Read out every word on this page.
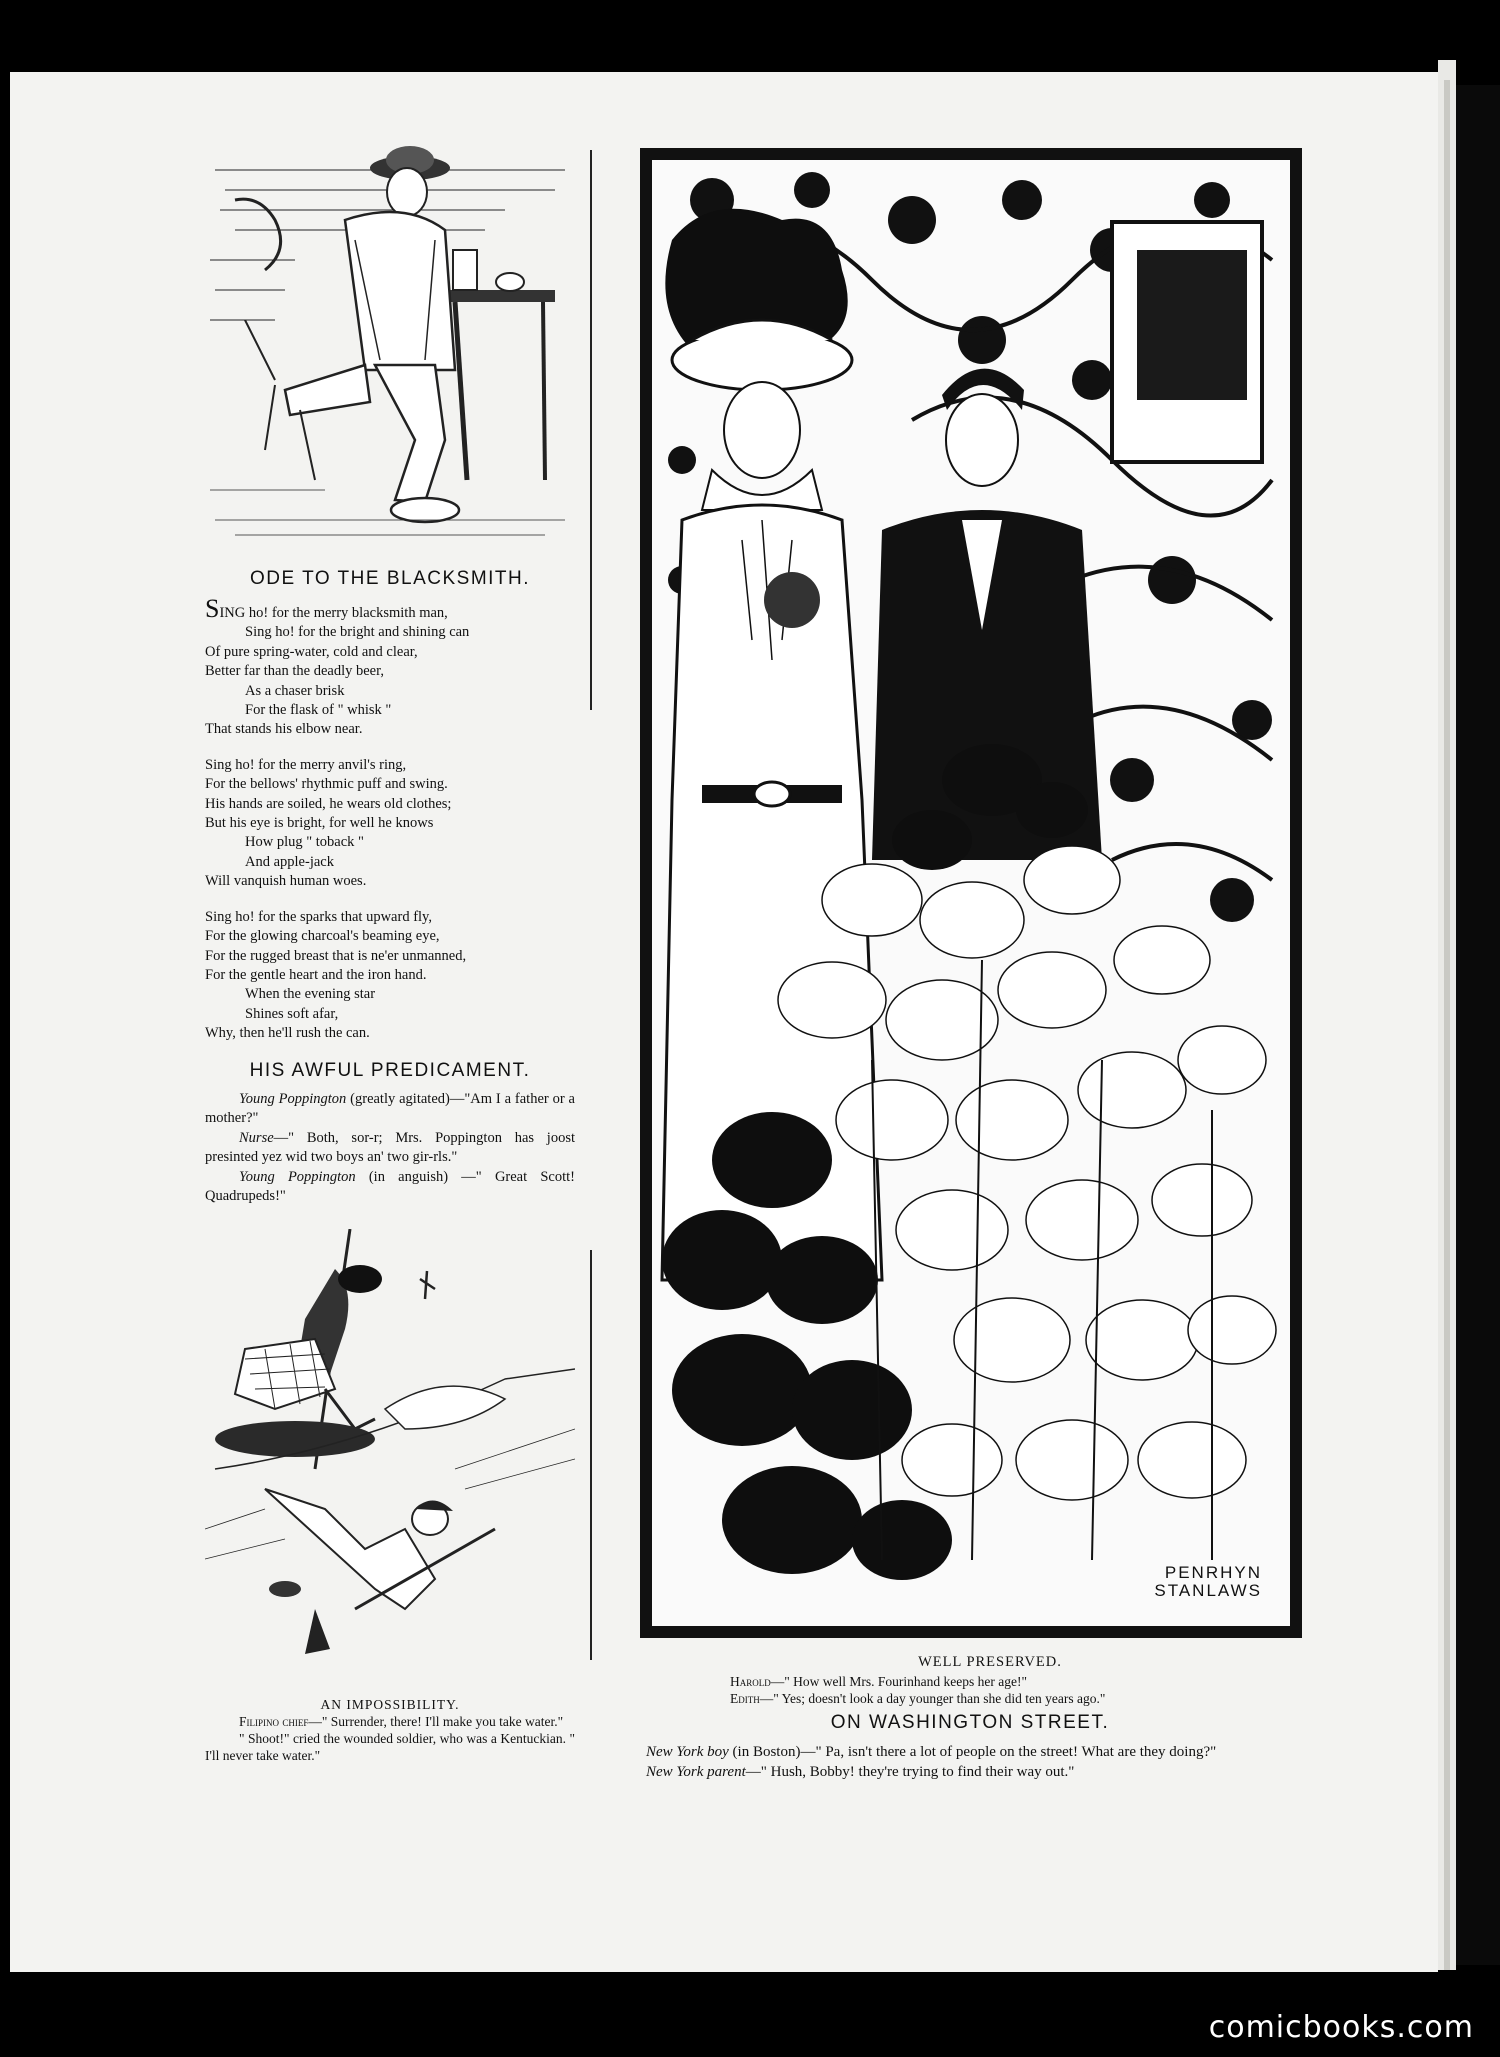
ODE TO THE BLACKSMITH.
SING ho! for the merry blacksmith man,
Sing ho! for the bright and shining can
Of pure spring-water, cold and clear,
Better far than the deadly beer,
As a chaser brisk
For the flask of " whisk "
That stands his elbow near.
Sing ho! for the merry anvil's ring,
For the bellows' rhythmic puff and swing.
His hands are soiled, he wears old clothes;
But his eye is bright, for well he knows
How plug " toback "
And apple-jack
Will vanquish human woes.
Sing ho! for the sparks that upward fly,
For the glowing charcoal's beaming eye,
For the rugged breast that is ne'er unmanned,
For the gentle heart and the iron hand.
When the evening star
Shines soft afar,
Why, then he'll rush the can.
HIS AWFUL PREDICAMENT.
Young Poppington (greatly agitated)—"Am I a father or a mother?"
Nurse—" Both, sor-r; Mrs. Poppington has joost presinted yez wid two boys an' two gir-rls."
Young Poppington (in anguish) —" Great Scott! Quadrupeds!"

AN IMPOSSIBILITY.

Filipino chief—" Surrender, there! I'll make you take water."

" Shoot!" cried the wounded soldier, who was a Kentuckian. " I'll never take water."

PENRHYN
STANLAWS

WELL PRESERVED.

Harold—" How well Mrs. Fourinhand keeps her age!"

Edith—" Yes; doesn't look a day younger than she did ten years ago."

ON WASHINGTON STREET.

New York boy (in Boston)—" Pa, isn't there a lot of people on the street! What are they doing?"

New York parent—" Hush, Bobby! they're trying to find their way out."

comicbooks.com
